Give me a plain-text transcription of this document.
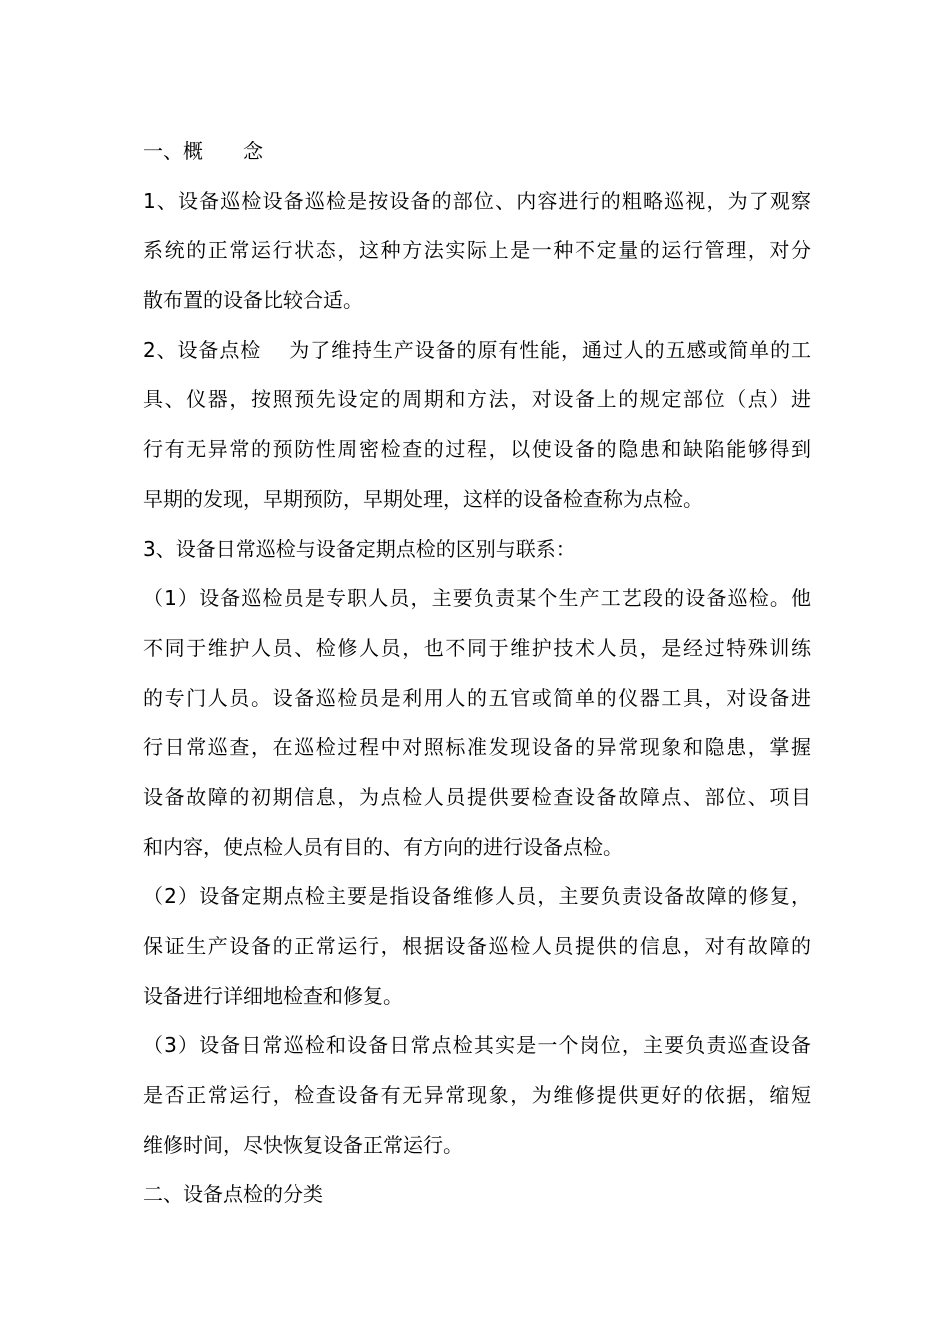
一、概　　念
1、设备巡检设备巡检是按设备的部位、内容进行的粗略巡视，为了观察
系统的正常运行状态，这种方法实际上是一种不定量的运行管理，对分
散布置的设备比较合适。
2、设备点检　 为了维持生产设备的原有性能，通过人的五感或简单的工
具、仪器，按照预先设定的周期和方法，对设备上的规定部位（点）进
行有无异常的预防性周密检查的过程，以使设备的隐患和缺陷能够得到
早期的发现，早期预防，早期处理，这样的设备检查称为点检。
3、设备日常巡检与设备定期点检的区别与联系：
（1）设备巡检员是专职人员，主要负责某个生产工艺段的设备巡检。他
不同于维护人员、检修人员，也不同于维护技术人员，是经过特殊训练
的专门人员。设备巡检员是利用人的五官或简单的仪器工具，对设备进
行日常巡查，在巡检过程中对照标准发现设备的异常现象和隐患，掌握
设备故障的初期信息，为点检人员提供要检查设备故障点、部位、项目
和内容，使点检人员有目的、有方向的进行设备点检。
（2）设备定期点检主要是指设备维修人员，主要负责设备故障的修复，
保证生产设备的正常运行，根据设备巡检人员提供的信息，对有故障的
设备进行详细地检查和修复。
（3）设备日常巡检和设备日常点检其实是一个岗位，主要负责巡查设备
是否正常运行，检查设备有无异常现象，为维修提供更好的依据，缩短
维修时间，尽快恢复设备正常运行。
二、设备点检的分类
